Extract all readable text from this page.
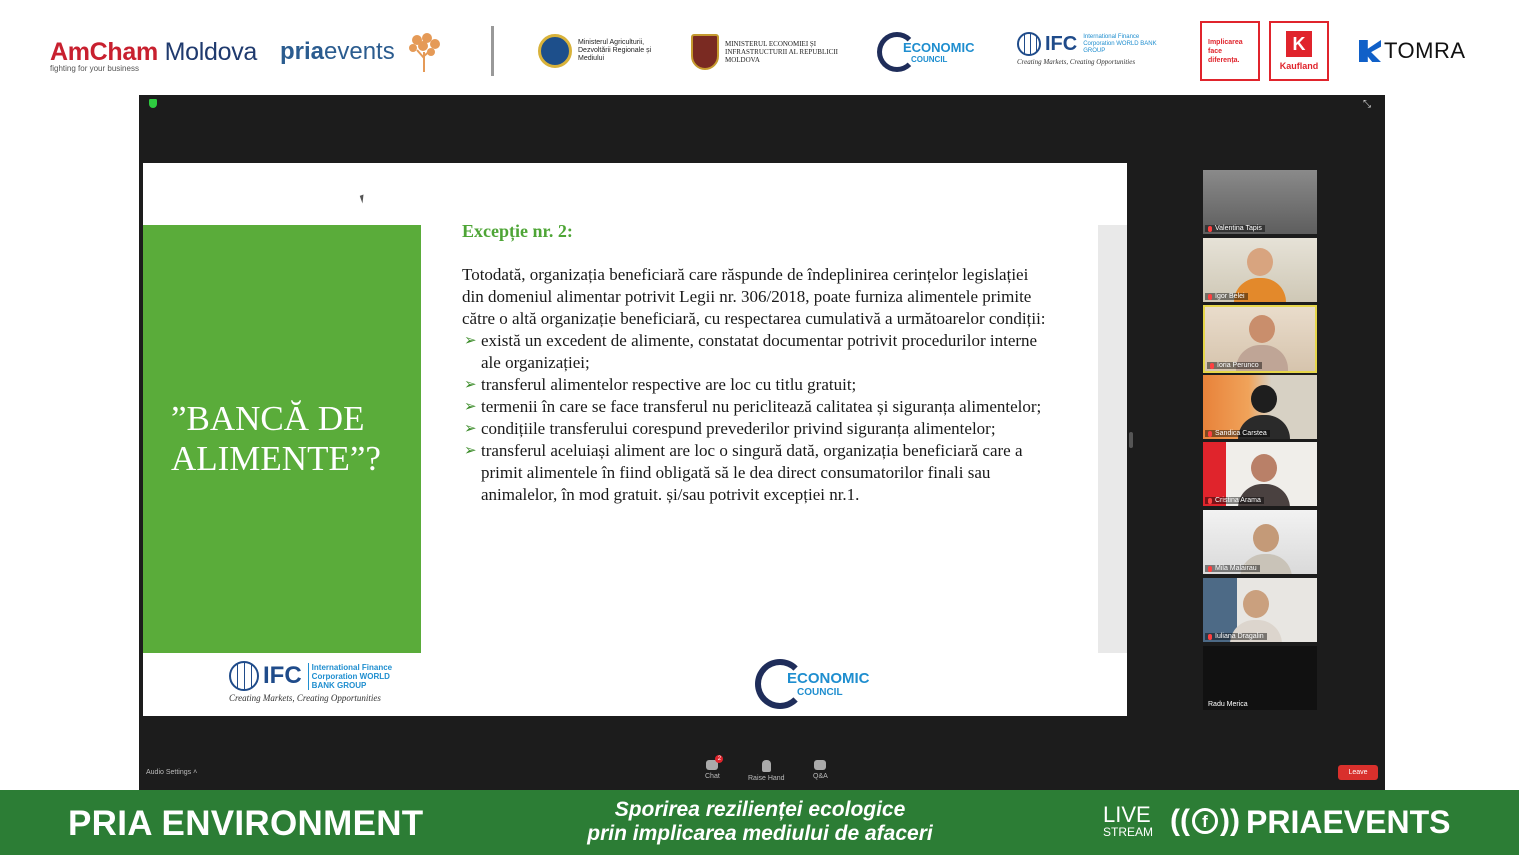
AmCham Moldova
fighting for your business
priaevents	Ministerul Agriculturii, Dezvoltării Regionale și Mediului
MINISTERUL ECONOMIEI ȘI INFRASTRUCTURII AL REPUBLICII MOLDOVA
ECONOMIC
COUNCIL
IFC International Finance Corporation WORLD BANK GROUP
Creating Markets, Creating Opportunities
Implicarea face diferența.
K
Kaufland
TOMRA
⤡
”BANCĂ DE ALIMENTE”?
Excepție nr. 2:

Totodată, organizația beneficiară care răspunde de îndeplinirea cerințelor legislației din domeniul alimentar potrivit Legii nr. 306/2018, poate furniza alimentele primite către o altă organizație beneficiară, cu respectarea cumulativă a următoarelor condiții:

➢ există un excedent de alimente, constatat documentar potrivit procedurilor interne ale organizației;
➢ transferul alimentelor respective are loc cu titlu gratuit;
➢ termenii în care se face transferul nu periclitează calitatea și siguranța alimentelor;
➢ condițiile transferului corespund prevederilor privind siguranța alimentelor;
➢ transferul aceluiași aliment are loc o singură dată, organizația beneficiară care a primit alimentele în fiind obligată să le dea direct consumatorilor finali sau animalelor, în mod gratuit. și/sau potrivit excepției nr.1.
IFC	International Finance Corporation WORLD BANK GROUP
Creating Markets, Creating Opportunities
ECONOMIC
COUNCIL
Valentina Tapis
Igor Belei
Ioria Perunco
Sandica Carstea
Cristina Arama
Mila Malairau
Iuliana Dragalin
Radu Merica
Audio Settings ˄
2
Chat	Raise Hand	Q&A
Leave
PRIA ENVIRONMENT	Sporirea rezilienței ecologice
prin implicarea mediului de afaceri
LIVE
STREAM (( f )) PRIAEVENTS
